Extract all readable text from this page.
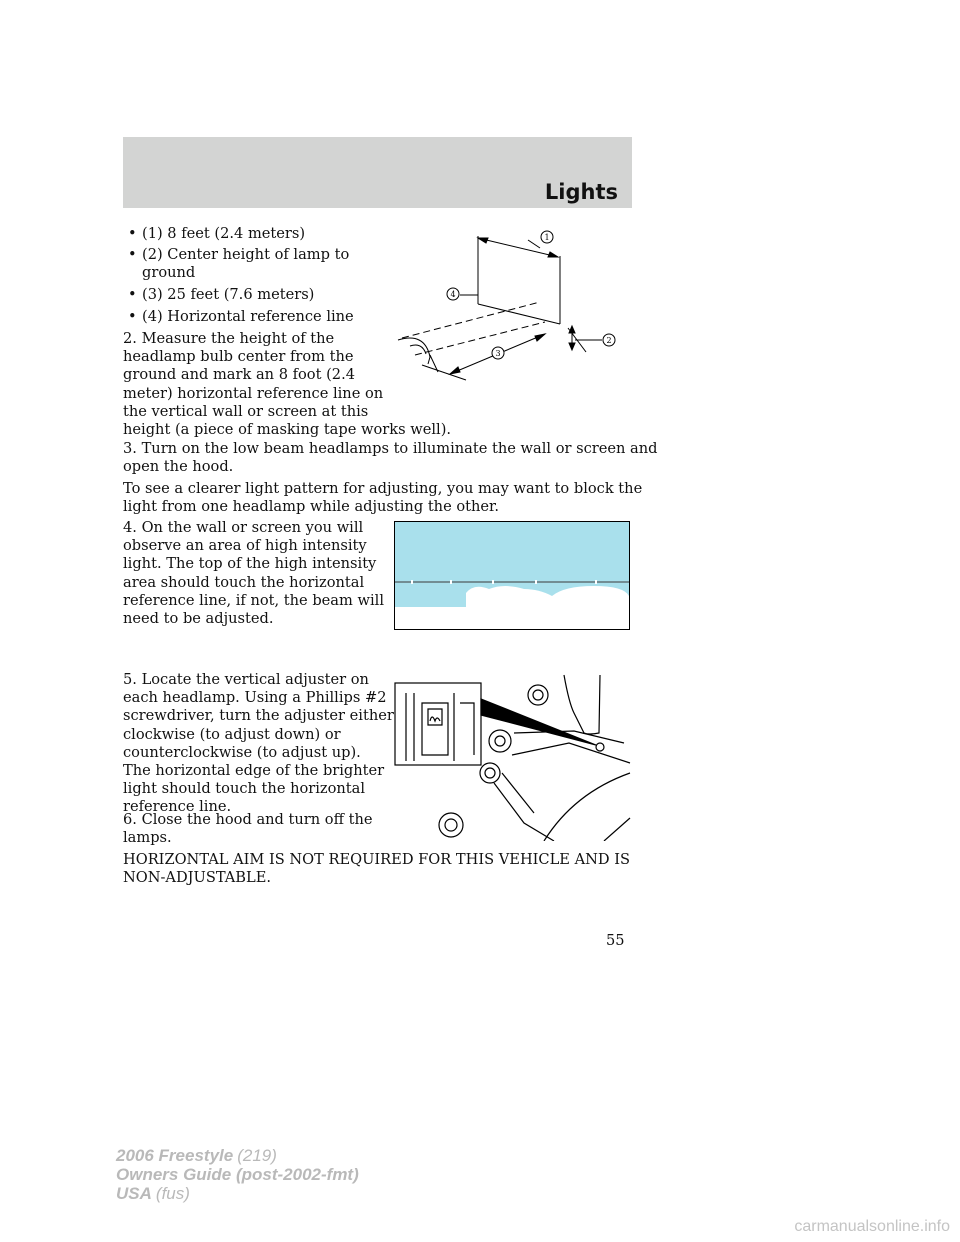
Lights
• (1) 8 feet (2.4 meters)
• (2) Center height of lamp to
ground
• (3) 25 feet (7.6 meters)
• (4) Horizontal reference line
2. Measure the height of the
headlamp bulb center from the
ground and mark an 8 foot (2.4
meter) horizontal reference line on
the vertical wall or screen at this
height (a piece of masking tape works well).
3. Turn on the low beam headlamps to illuminate the wall or screen and
open the hood.
To see a clearer light pattern for adjusting, you may want to block the
light from one headlamp while adjusting the other.
4. On the wall or screen you will
observe an area of high intensity
light. The top of the high intensity
area should touch the horizontal
reference line, if not, the beam will
need to be adjusted.
5. Locate the vertical adjuster on
each headlamp. Using a Phillips #2
screwdriver, turn the adjuster either
clockwise (to adjust down) or
counterclockwise (to adjust up).
The horizontal edge of the brighter
light should touch the horizontal
reference line.
6. Close the hood and turn off the
lamps.
HORIZONTAL AIM IS NOT REQUIRED FOR THIS VEHICLE AND IS
NON-ADJUSTABLE.
1
2
3
4
55
2006 Freestyle (219)
Owners Guide (post-2002-fmt)
USA (fus)
carmanualsonline.info
